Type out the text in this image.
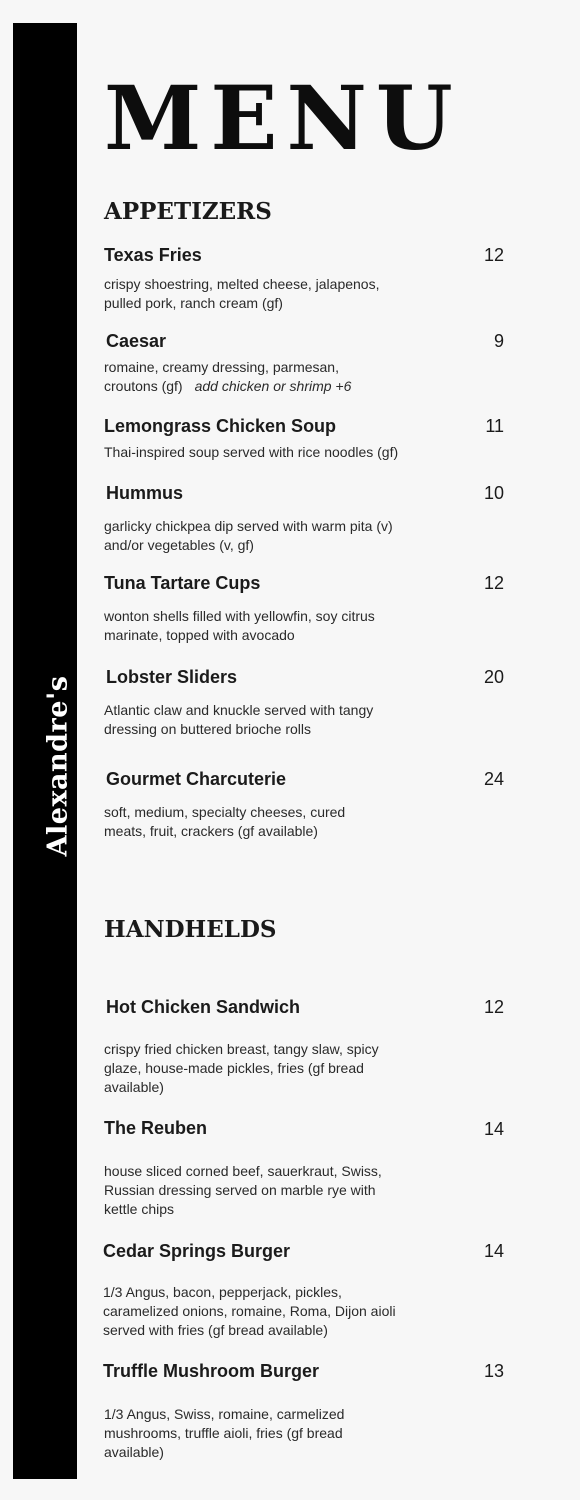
Alexandre's
MENU
APPETIZERS
Texas Fries	12
crispy shoestring, melted cheese, jalapenos, pulled pork, ranch cream (gf)
Caesar	9
romaine, creamy dressing, parmesan, croutons (gf) add chicken or shrimp +6
Lemongrass Chicken Soup	11
Thai-inspired soup served with rice noodles (gf)
Hummus	10
garlicky chickpea dip served with warm pita (v) and/or vegetables (v, gf)
Tuna Tartare Cups	12
wonton shells filled with yellowfin, soy citrus marinate, topped with avocado
Lobster Sliders	20
Atlantic claw and knuckle served with tangy dressing on buttered brioche rolls
Gourmet Charcuterie	24
soft, medium, specialty cheeses, cured meats, fruit, crackers (gf available)
HANDHELDS
Hot Chicken Sandwich	12
crispy fried chicken breast, tangy slaw, spicy glaze, house-made pickles, fries (gf bread available)
The Reuben	14
house sliced corned beef, sauerkraut, Swiss, Russian dressing served on marble rye with kettle chips
Cedar Springs Burger	14
1/3 Angus, bacon, pepperjack, pickles, caramelized onions, romaine, Roma, Dijon aioli served with fries (gf bread available)
Truffle Mushroom Burger	13
1/3 Angus, Swiss, romaine, carmelized mushrooms, truffle aioli, fries (gf bread available)
